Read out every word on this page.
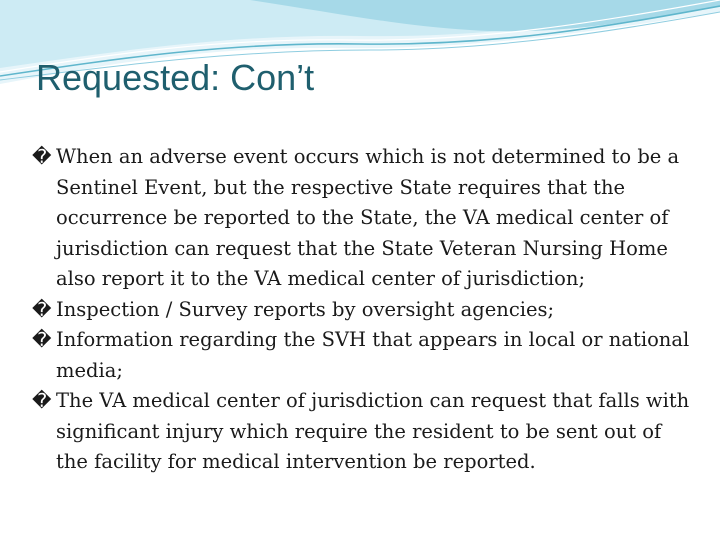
Requested: Con’t
� When an adverse event occurs which is not determined to be a Sentinel Event, but the respective State requires that the occurrence be reported to the State, the VA medical center of jurisdiction can request that the State Veteran Nursing Home also report it to the VA medical center of jurisdiction;
� Inspection / Survey reports by oversight agencies;
� Information regarding the SVH that appears in local or national media;
� The VA medical center of jurisdiction can request that falls with significant injury which require the resident to be sent out of the facility for medical intervention be reported.
